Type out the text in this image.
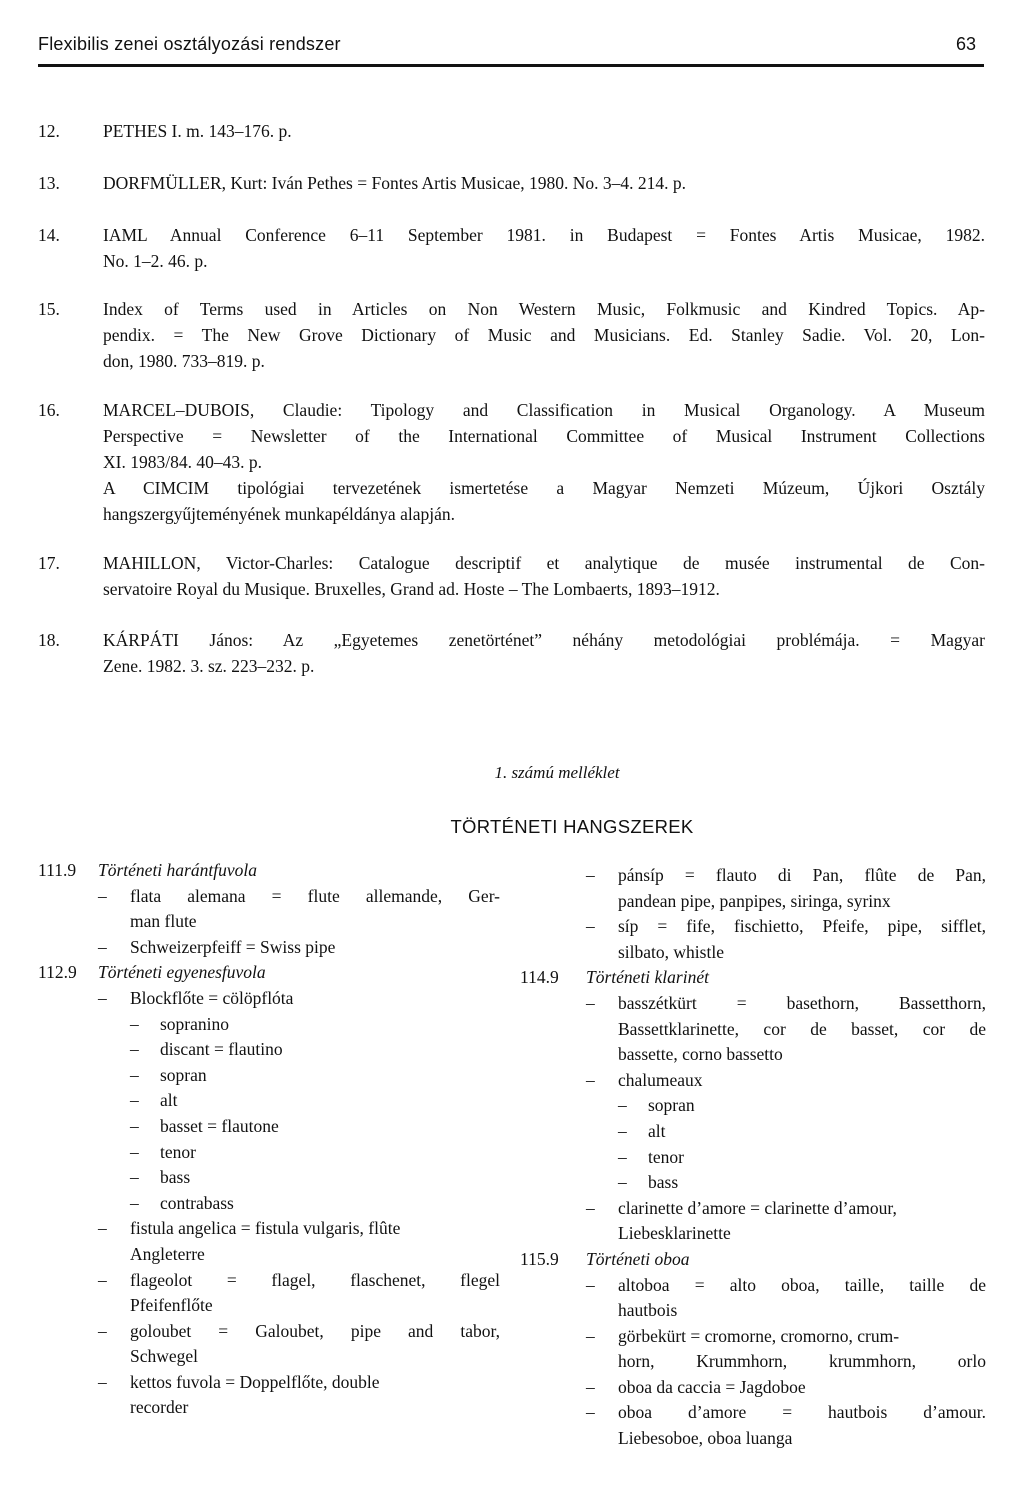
Flexibilis zenei osztályozási rendszer	63
12.	PETHES I. m. 143–176. p.
13.	DORFMÜLLER, Kurt: Iván Pethes = Fontes Artis Musicae, 1980. No. 3–4. 214. p.
14.	IAML Annual Conference 6–11 September 1981. in Budapest = Fontes Artis Musicae, 1982.
No. 1–2. 46. p.
15.	Index of Terms used in Articles on Non Western Music, Folkmusic and Kindred Topics. Ap-
pendix. = The New Grove Dictionary of Music and Musicians. Ed. Stanley Sadie. Vol. 20, Lon-
don, 1980. 733–819. p.
16.	MARCEL–DUBOIS, Claudie: Tipology and Classification in Musical Organology. A Museum
Perspective = Newsletter of the International Committee of Musical Instrument Collections
XI. 1983/84. 40–43. p.
A CIMCIM tipológiai tervezetének ismertetése a Magyar Nemzeti Múzeum, Újkori Osztály
hangszergyűjteményének munkapéldánya alapján.
17.	MAHILLON, Victor-Charles: Catalogue descriptif et analytique de musée instrumental de Con-
servatoire Royal du Musique. Bruxelles, Grand ad. Hoste – The Lombaerts, 1893–1912.
18.	KÁRPÁTI János: Az „Egyetemes zenetörténet” néhány metodológiai problémája. = Magyar
Zene. 1982. 3. sz. 223–232. p.
1. számú melléklet
TÖRTÉNETI HANGSZEREK
111.9 Történeti harántfuvola
– flata alemana = flute allemande, Ger-
man flute
– Schweizerpfeiff = Swiss pipe
112.9 Történeti egyenesfuvola
– Blockflőte = cölöpflóta
– sopranino
– discant = flautino
– sopran
– alt
– basset = flautone
– tenor
– bass
– contrabass
– fistula angelica = fistula vulgaris, flûte
Angleterre
– flageolot = flagel, flaschenet, flegel
Pfeifenflőte
– goloubet = Galoubet, pipe and tabor,
Schwegel
– kettos fuvola = Doppelflőte, double
recorder
– pánsíp = flauto di Pan, flûte de Pan,
pandean pipe, panpipes, siringa, syrinx
– síp = fife, fischietto, Pfeife, pipe, sifflet,
silbato, whistle
114.9 Történeti klarinét
– basszétkürt = basethorn, Bassetthorn,
Bassettklarinette, cor de basset, cor de
bassette, corno bassetto
– chalumeaux
– sopran
– alt
– tenor
– bass
– clarinette d’amore = clarinette d’amour,
Liebesklarinette
115.9 Történeti oboa
– altoboa = alto oboa, taille, taille de
hautbois
– görbekürt = cromorne, cromorno, crum-
horn, Krummhorn, krummhorn, orlo
– oboa da caccia = Jagdoboe
– oboa d’amore = hautbois d’amour.
Liebesoboe, oboa luanga
